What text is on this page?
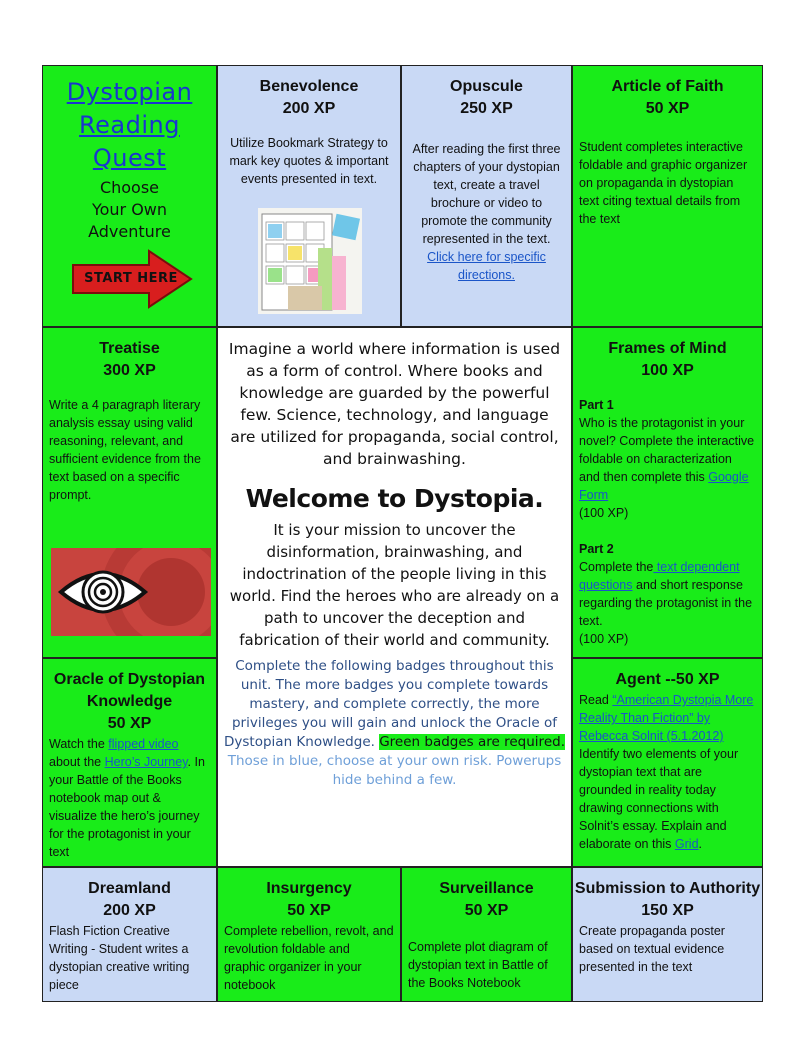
Dystopian
Reading
Quest
Choose
Your Own
Adventure
START HERE
Benevolence
200 XP
Utilize Bookmark Strategy to mark key quotes & important events presented in text.
Opuscule
250 XP
After reading the first three chapters of your dystopian text, create a travel brochure or video to promote the community represented in the text. Click here for specific directions.
Article of Faith
50 XP
Student completes interactive foldable and graphic organizer on propaganda in dystopian text citing textual details from the text
Treatise
300 XP
Write a 4 paragraph literary analysis essay using valid reasoning, relevant, and sufficient evidence from the text based on a specific prompt.
Imagine a world where information is used as a form of control. Where books and knowledge are guarded by the powerful few. Science, technology, and language are utilized for propaganda, social control, and brainwashing.
Welcome to Dystopia.
It is your mission to uncover the disinformation, brainwashing, and indoctrination of the people living in this world. Find the heroes who are already on a path to uncover the deception and fabrication of their world and community.
Complete the following badges throughout this unit. The more badges you complete towards mastery, and complete correctly, the more privileges you will gain and unlock the Oracle of Dystopian Knowledge. Green badges are required. Those in blue, choose at your own risk. Powerups hide behind a few.
Frames of Mind
100 XP
Part 1
Who is the protagonist in your novel? Complete the interactive foldable on characterization and then complete this Google Form
(100 XP)
Part 2
Complete the text dependent questions and short response regarding the protagonist in the text.
(100 XP)
Oracle of Dystopian Knowledge
50 XP
Watch the flipped video about the Hero’s Journey. In your Battle of the Books notebook map out & visualize the hero’s journey for the protagonist in your text
Agent --50 XP
Read “American Dystopia More Reality Than Fiction” by Rebecca Solnit (5.1.2012) Identify two elements of your dystopian text that are grounded in reality today drawing connections with Solnit’s essay. Explain and elaborate on this Grid.
Dreamland
200 XP
Flash Fiction Creative Writing - Student writes a dystopian creative writing piece
Insurgency
50 XP
Complete rebellion, revolt, and revolution foldable and graphic organizer in your notebook
Surveillance
50 XP
Complete plot diagram of dystopian text in Battle of the Books Notebook
Submission to Authority
150 XP
Create propaganda poster based on textual evidence presented in the text
